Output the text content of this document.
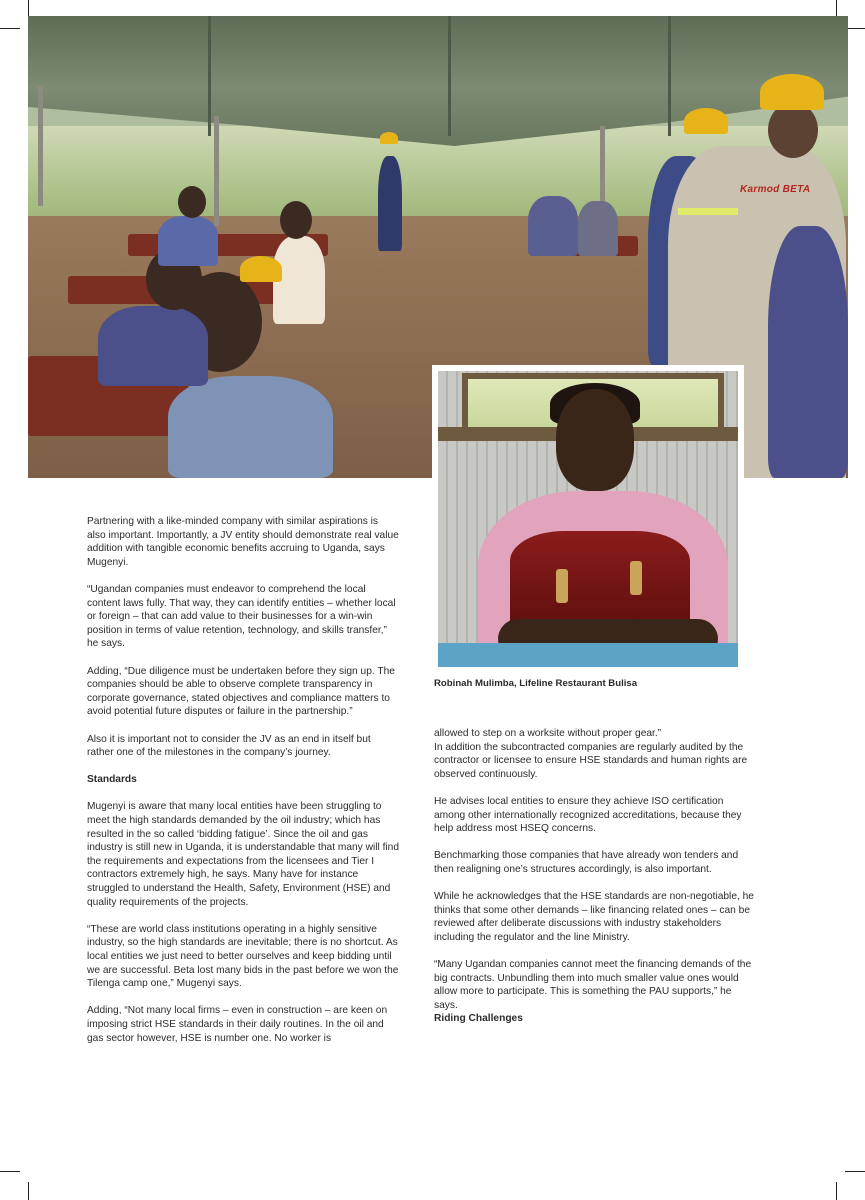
Karmod BETA
Robinah Mulimba, Lifeline Restaurant Bulisa

Partnering with a like-minded company with similar aspirations is also important. Importantly, a JV entity should demonstrate real value addition with tangible economic benefits accruing to Uganda, says Mugenyi.

“Ugandan companies must endeavor to comprehend the local content laws fully. That way, they can identify entities – whether local or foreign – that can add value to their businesses for a win-win position in terms of value retention, technology, and skills transfer,” he says.

Adding, “Due diligence must be undertaken before they sign up. The companies should be able to observe complete transparency in corporate governance, stated objectives and compliance matters to avoid potential future disputes or failure in the partnership.”

Also it is important not to consider the JV as an end in itself but rather one of the milestones in the company’s journey.

Standards

Mugenyi is aware that many local entities have been struggling to meet the high standards demanded by the oil industry; which has resulted in the so called ‘bidding fatigue’. Since the oil and gas industry is still new in Uganda, it is understandable that many will find the requirements and expectations from the licensees and Tier I contractors extremely high, he says. Many have for instance struggled to understand the Health, Safety, Environment (HSE) and quality requirements of the projects.

“These are world class institutions operating in a highly sensitive industry, so the high standards are inevitable; there is no shortcut. As local entities we just need to better ourselves and keep bidding until we are successful. Beta lost many bids in the past before we won the Tilenga camp one,” Mugenyi says.

Adding, “Not many local firms – even in construction – are keen on imposing strict HSE standards in their daily routines. In the oil and gas sector however, HSE is number one. No worker is

allowed to step on a worksite without proper gear.”

In addition the subcontracted companies are regularly audited by the contractor or licensee to ensure HSE standards and human rights are observed continuously.

He advises local entities to ensure they achieve ISO certification among other internationally recognized accreditations, because they help address most HSEQ concerns.

Benchmarking those companies that have already won tenders and then realigning one’s structures accordingly, is also important.

While he acknowledges that the HSE standards are non-negotiable, he thinks that some other demands – like financing related ones – can be reviewed after deliberate discussions with industry stakeholders including the regulator and the line Ministry.

“Many Ugandan companies cannot meet the financing demands of the big contracts. Unbundling them into much smaller value ones would allow more to participate. This is something the PAU supports,” he says.

Riding Challenges
